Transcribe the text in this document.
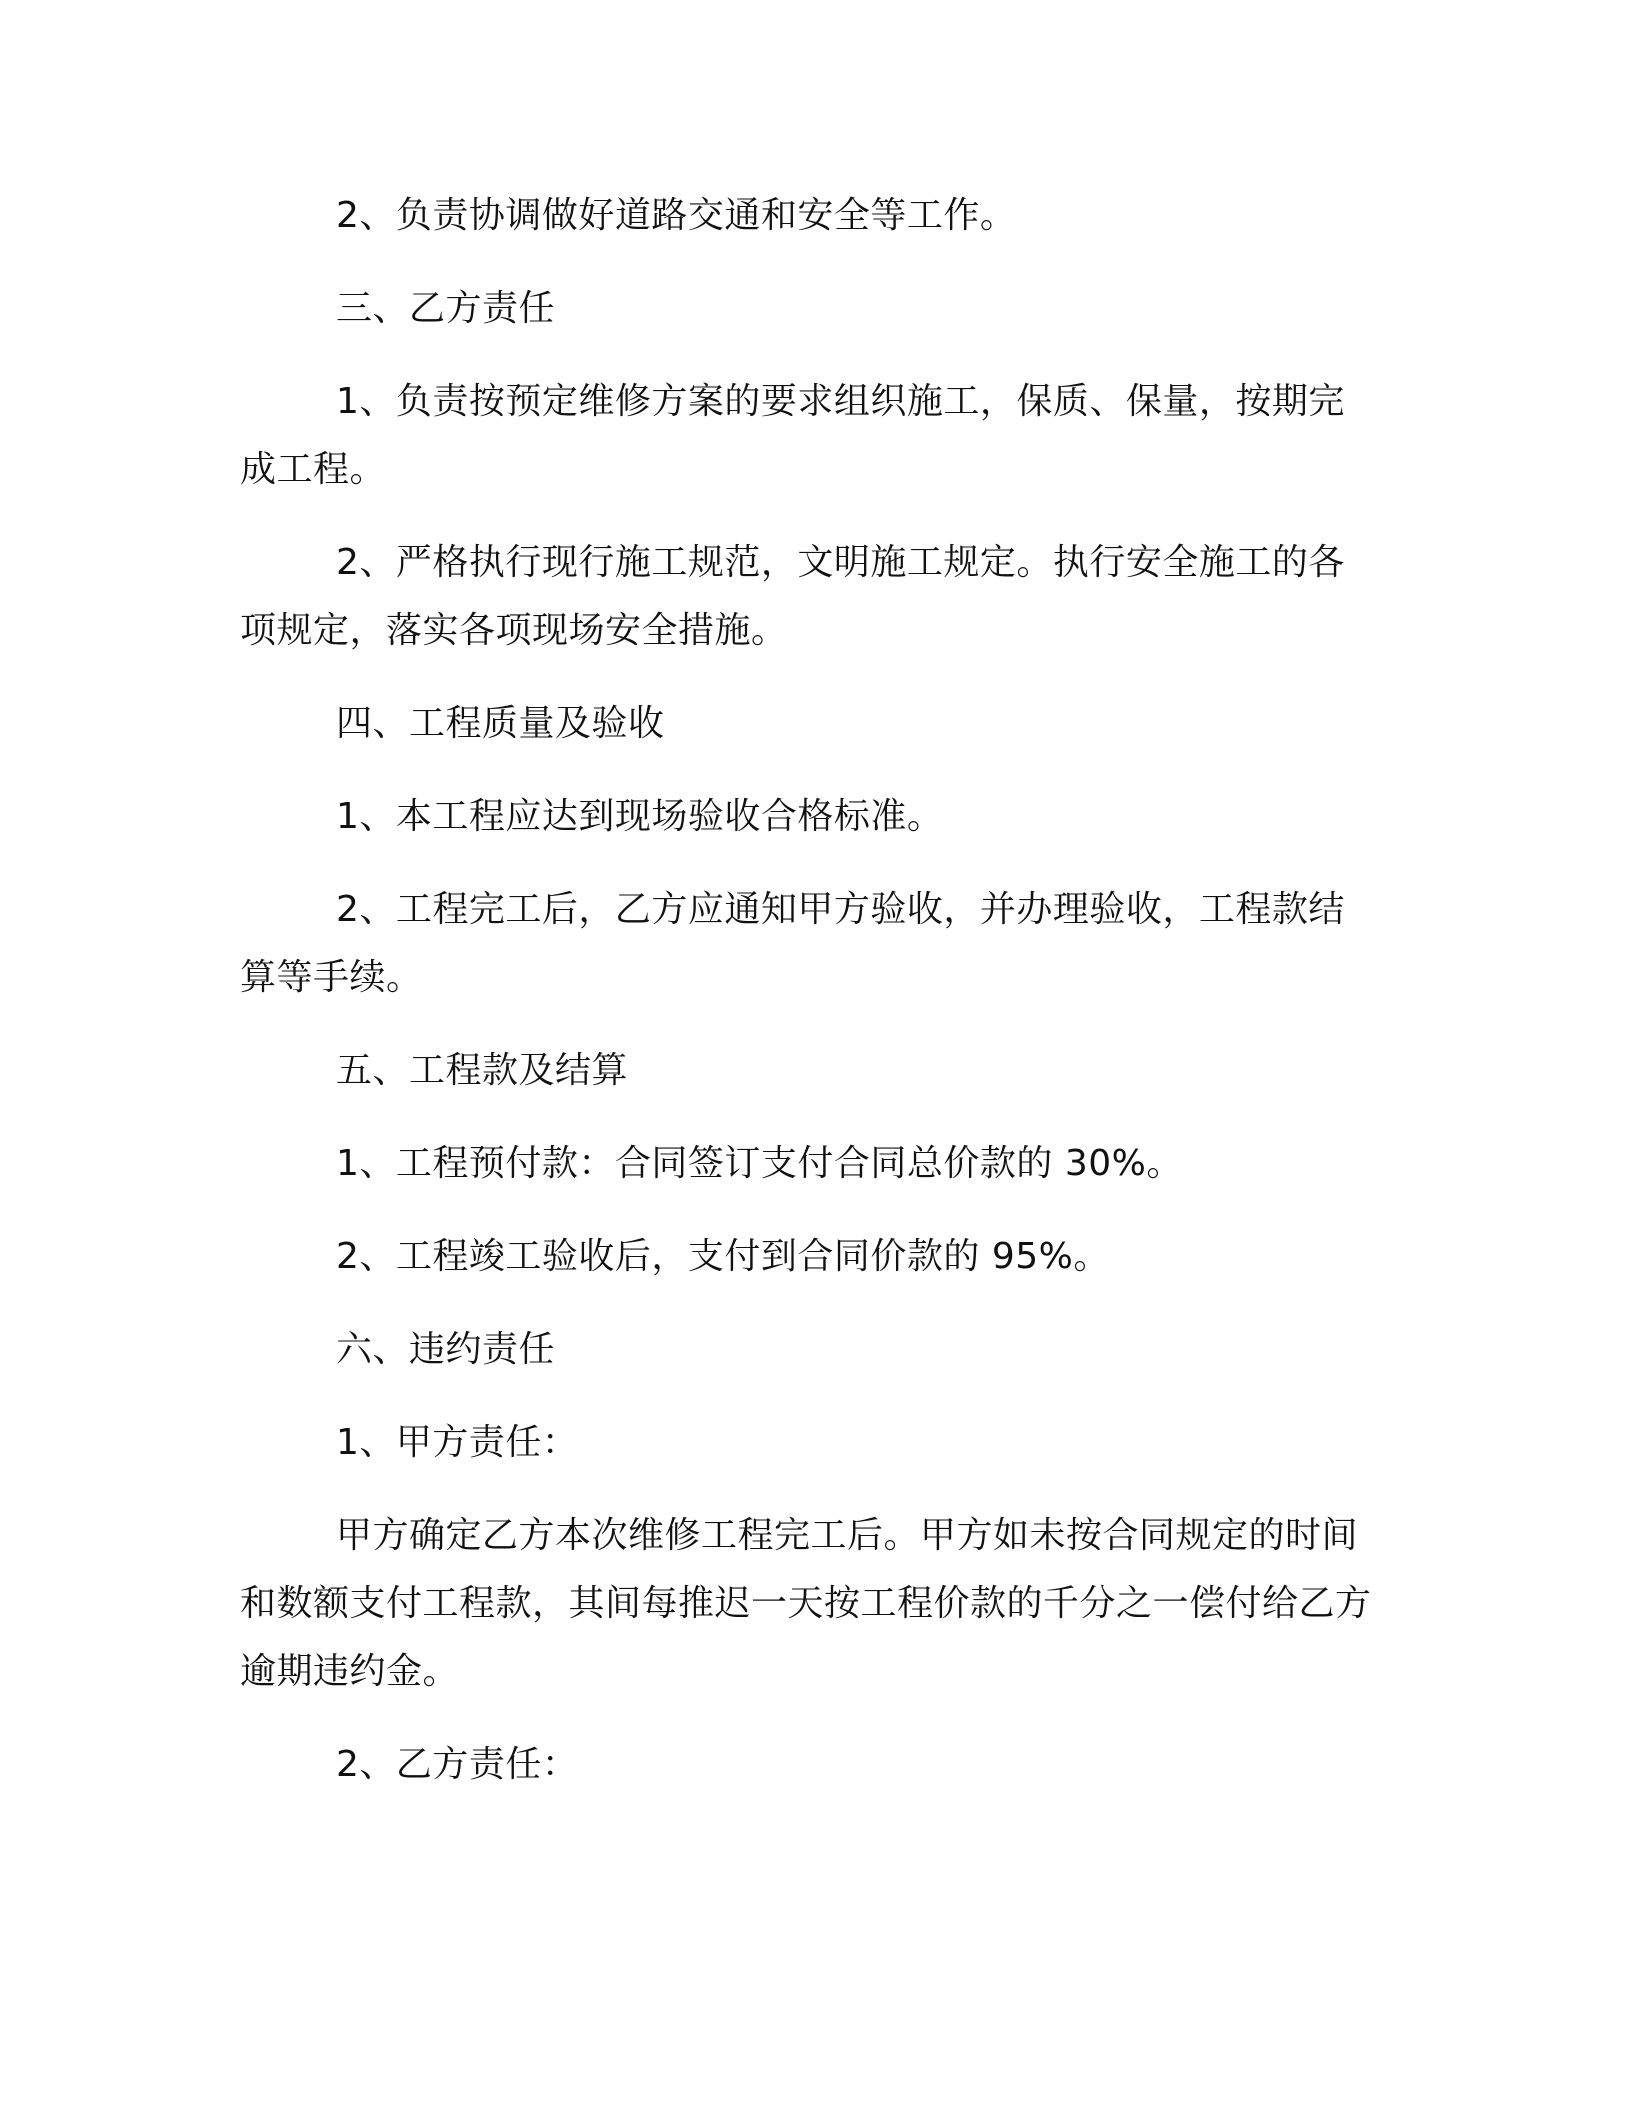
2、负责协调做好道路交通和安全等工作。

三、乙方责任

1、负责按预定维修方案的要求组织施工，保质、保量，按期完成工程。

2、严格执行现行施工规范，文明施工规定。执行安全施工的各项规定，落实各项现场安全措施。

四、工程质量及验收

1、本工程应达到现场验收合格标准。

2、工程完工后，乙方应通知甲方验收，并办理验收，工程款结算等手续。

五、工程款及结算

1、工程预付款：合同签订支付合同总价款的 30%。

2、工程竣工验收后，支付到合同价款的 95%。

六、违约责任

1、甲方责任：

甲方确定乙方本次维修工程完工后。甲方如未按合同规定的时间和数额支付工程款，其间每推迟一天按工程价款的千分之一偿付给乙方逾期违约金。

2、乙方责任：
